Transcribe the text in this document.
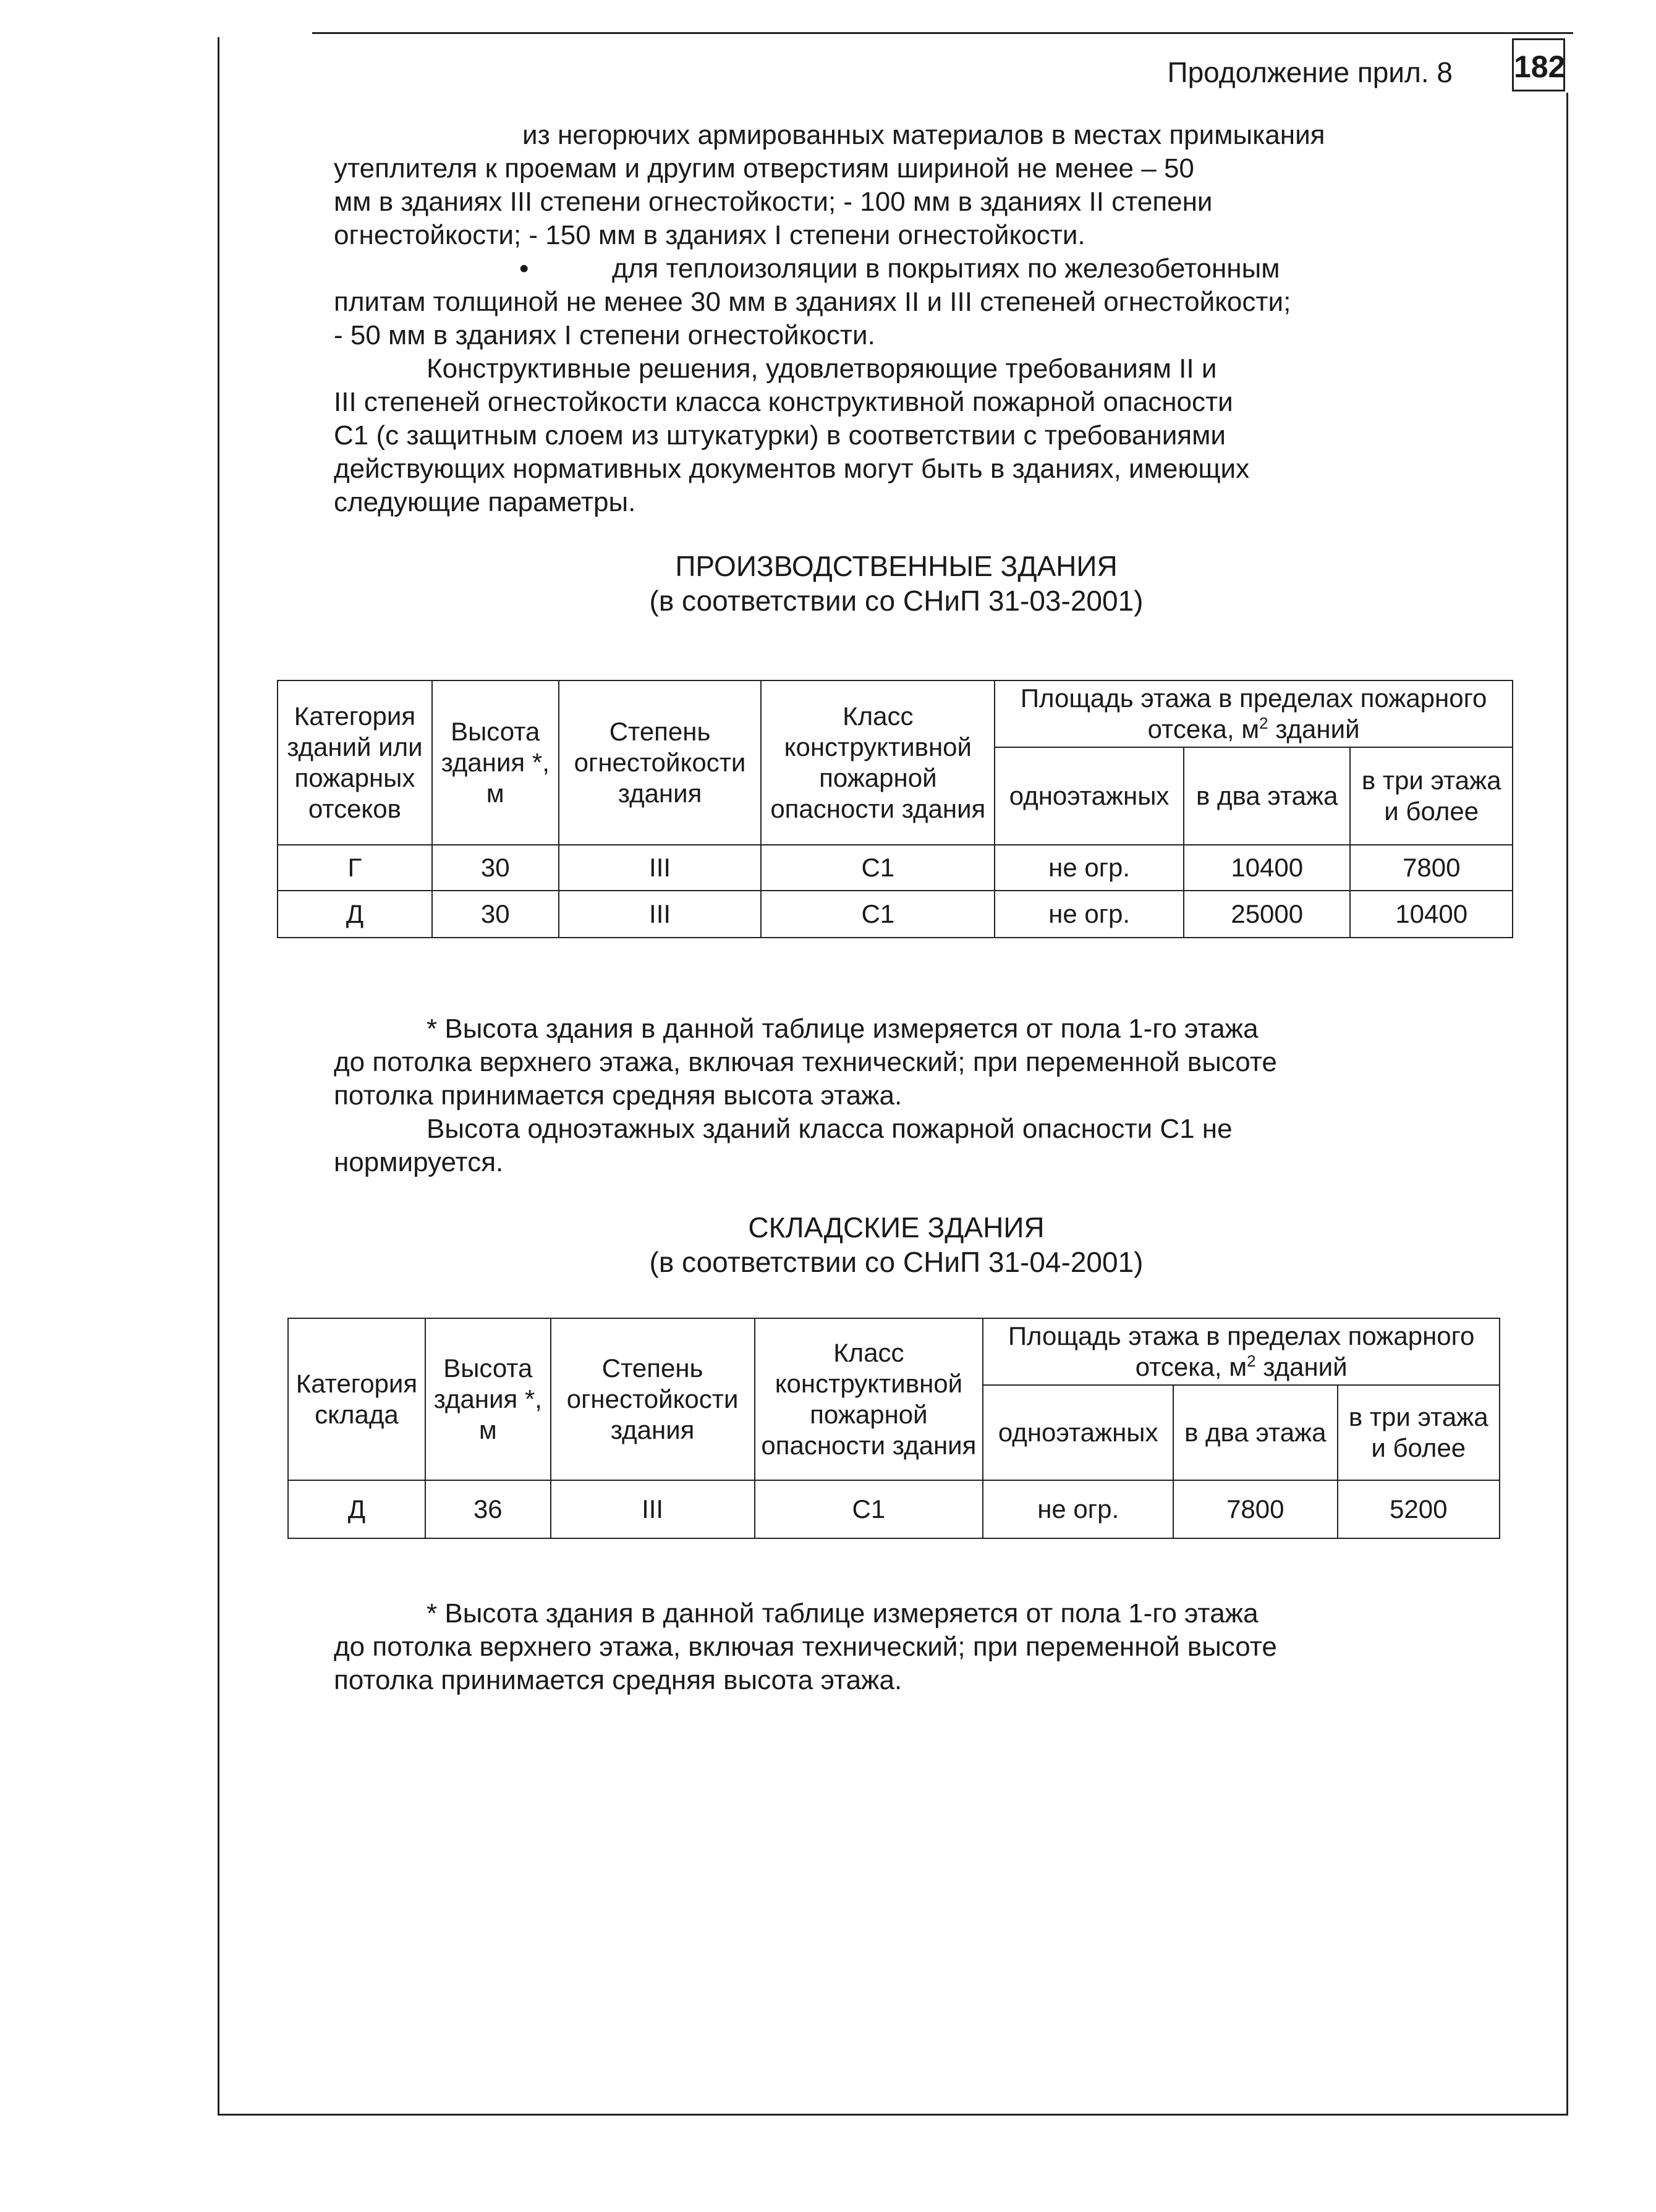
Продолжение прил. 8 182
из негорючих армированных материалов в местах примыкания
утеплителя к проемам и другим отверстиям шириной не менее – 50
мм в зданиях III степени огнестойкости; - 100 мм в зданиях II степени
огнестойкости; - 150 мм в зданиях I степени огнестойкости.
•	для теплоизоляции в покрытиях по железобетонным
плитам толщиной не менее 30 мм в зданиях II и III степеней огнестойкости;
- 50 мм в зданиях I степени огнестойкости.
Конструктивные решения, удовлетворяющие требованиям II и
III степеней огнестойкости класса конструктивной пожарной опасности
С1 (с защитным слоем из штукатурки) в соответствии с требованиями
действующих нормативных документов могут быть в зданиях, имеющих
следующие параметры.
ПРОИЗВОДСТВЕННЫЕ ЗДАНИЯ
(в соответствии со СНиП 31-03-2001)
Категория зданий или пожарных отсеков	Высота здания *, м	Степень огнестойкости здания	Класс конструктивной пожарной опасности здания	Площадь этажа в пределах пожарного отсека, $м^2$ зданий		
				одноэтажных	в два этажа	в три этажа и более
Г	30	III	С1	не огр.	10400	7800
Д	30	III	С1	не огр.	25000	10400
* Высота здания в данной таблице измеряется от пола 1-го этажа
до потолка верхнего этажа, включая технический; при переменной высоте
потолка принимается средняя высота этажа.
Высота одноэтажных зданий класса пожарной опасности С1 не
нормируется.
СКЛАДСКИЕ ЗДАНИЯ
(в соответствии со СНиП 31-04-2001)
Категория склада	Высота здания *, м	Степень огнестойкости здания	Класс конструктивной пожарной опасности здания	Площадь этажа в пределах пожарного отсека, $м^2$ зданий		
				одноэтажных	в два этажа	в три этажа и более
Д	36	III	С1	не огр.	7800	5200
* Высота здания в данной таблице измеряется от пола 1-го этажа
до потолка верхнего этажа, включая технический; при переменной высоте
потолка принимается средняя высота этажа.
